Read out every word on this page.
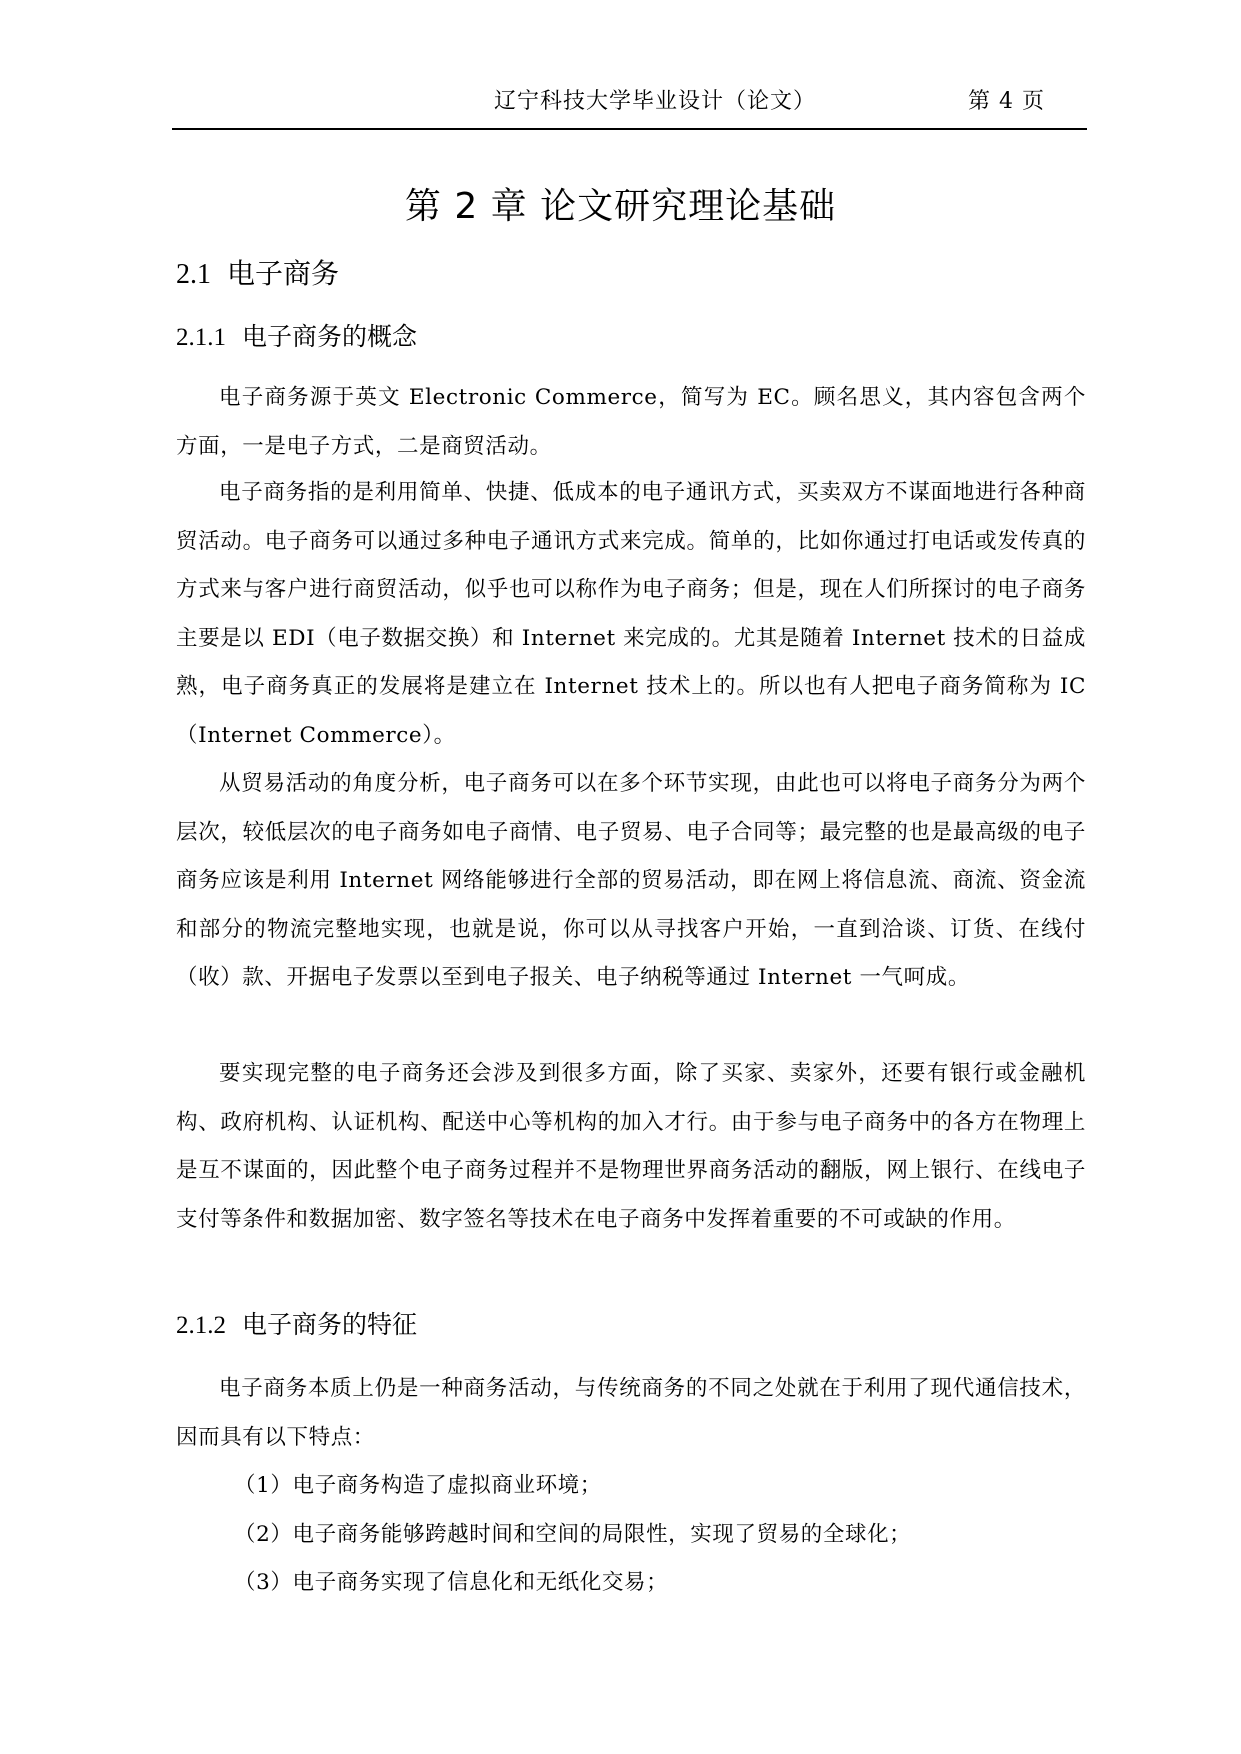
辽宁科技大学毕业设计（论文）	第 4 页
第 2 章 论文研究理论基础
2.1 电子商务
2.1.1 电子商务的概念

电子商务源于英文 Electronic Commerce，简写为 EC。顾名思义，其内容包含两个方面，一是电子方式，二是商贸活动。

电子商务指的是利用简单、快捷、低成本的电子通讯方式，买卖双方不谋面地进行各种商贸活动。电子商务可以通过多种电子通讯方式来完成。简单的，比如你通过打电话或发传真的方式来与客户进行商贸活动，似乎也可以称作为电子商务；但是，现在人们所探讨的电子商务主要是以 EDI（电子数据交换）和 Internet 来完成的。尤其是随着 Internet 技术的日益成熟，电子商务真正的发展将是建立在 Internet 技术上的。所以也有人把电子商务简称为 IC（Internet Commerce）。

从贸易活动的角度分析，电子商务可以在多个环节实现，由此也可以将电子商务分为两个层次，较低层次的电子商务如电子商情、电子贸易、电子合同等；最完整的也是最高级的电子商务应该是利用 Internet 网络能够进行全部的贸易活动，即在网上将信息流、商流、资金流和部分的物流完整地实现，也就是说，你可以从寻找客户开始，一直到洽谈、订货、在线付（收）款、开据电子发票以至到电子报关、电子纳税等通过 Internet 一气呵成。

要实现完整的电子商务还会涉及到很多方面，除了买家、卖家外，还要有银行或金融机构、政府机构、认证机构、配送中心等机构的加入才行。由于参与电子商务中的各方在物理上是互不谋面的，因此整个电子商务过程并不是物理世界商务活动的翻版，网上银行、在线电子支付等条件和数据加密、数字签名等技术在电子商务中发挥着重要的不可或缺的作用。

2.1.2 电子商务的特征

电子商务本质上仍是一种商务活动，与传统商务的不同之处就在于利用了现代通信技术，因而具有以下特点：

（1）电子商务构造了虚拟商业环境；
（2）电子商务能够跨越时间和空间的局限性，实现了贸易的全球化；
（3）电子商务实现了信息化和无纸化交易；
